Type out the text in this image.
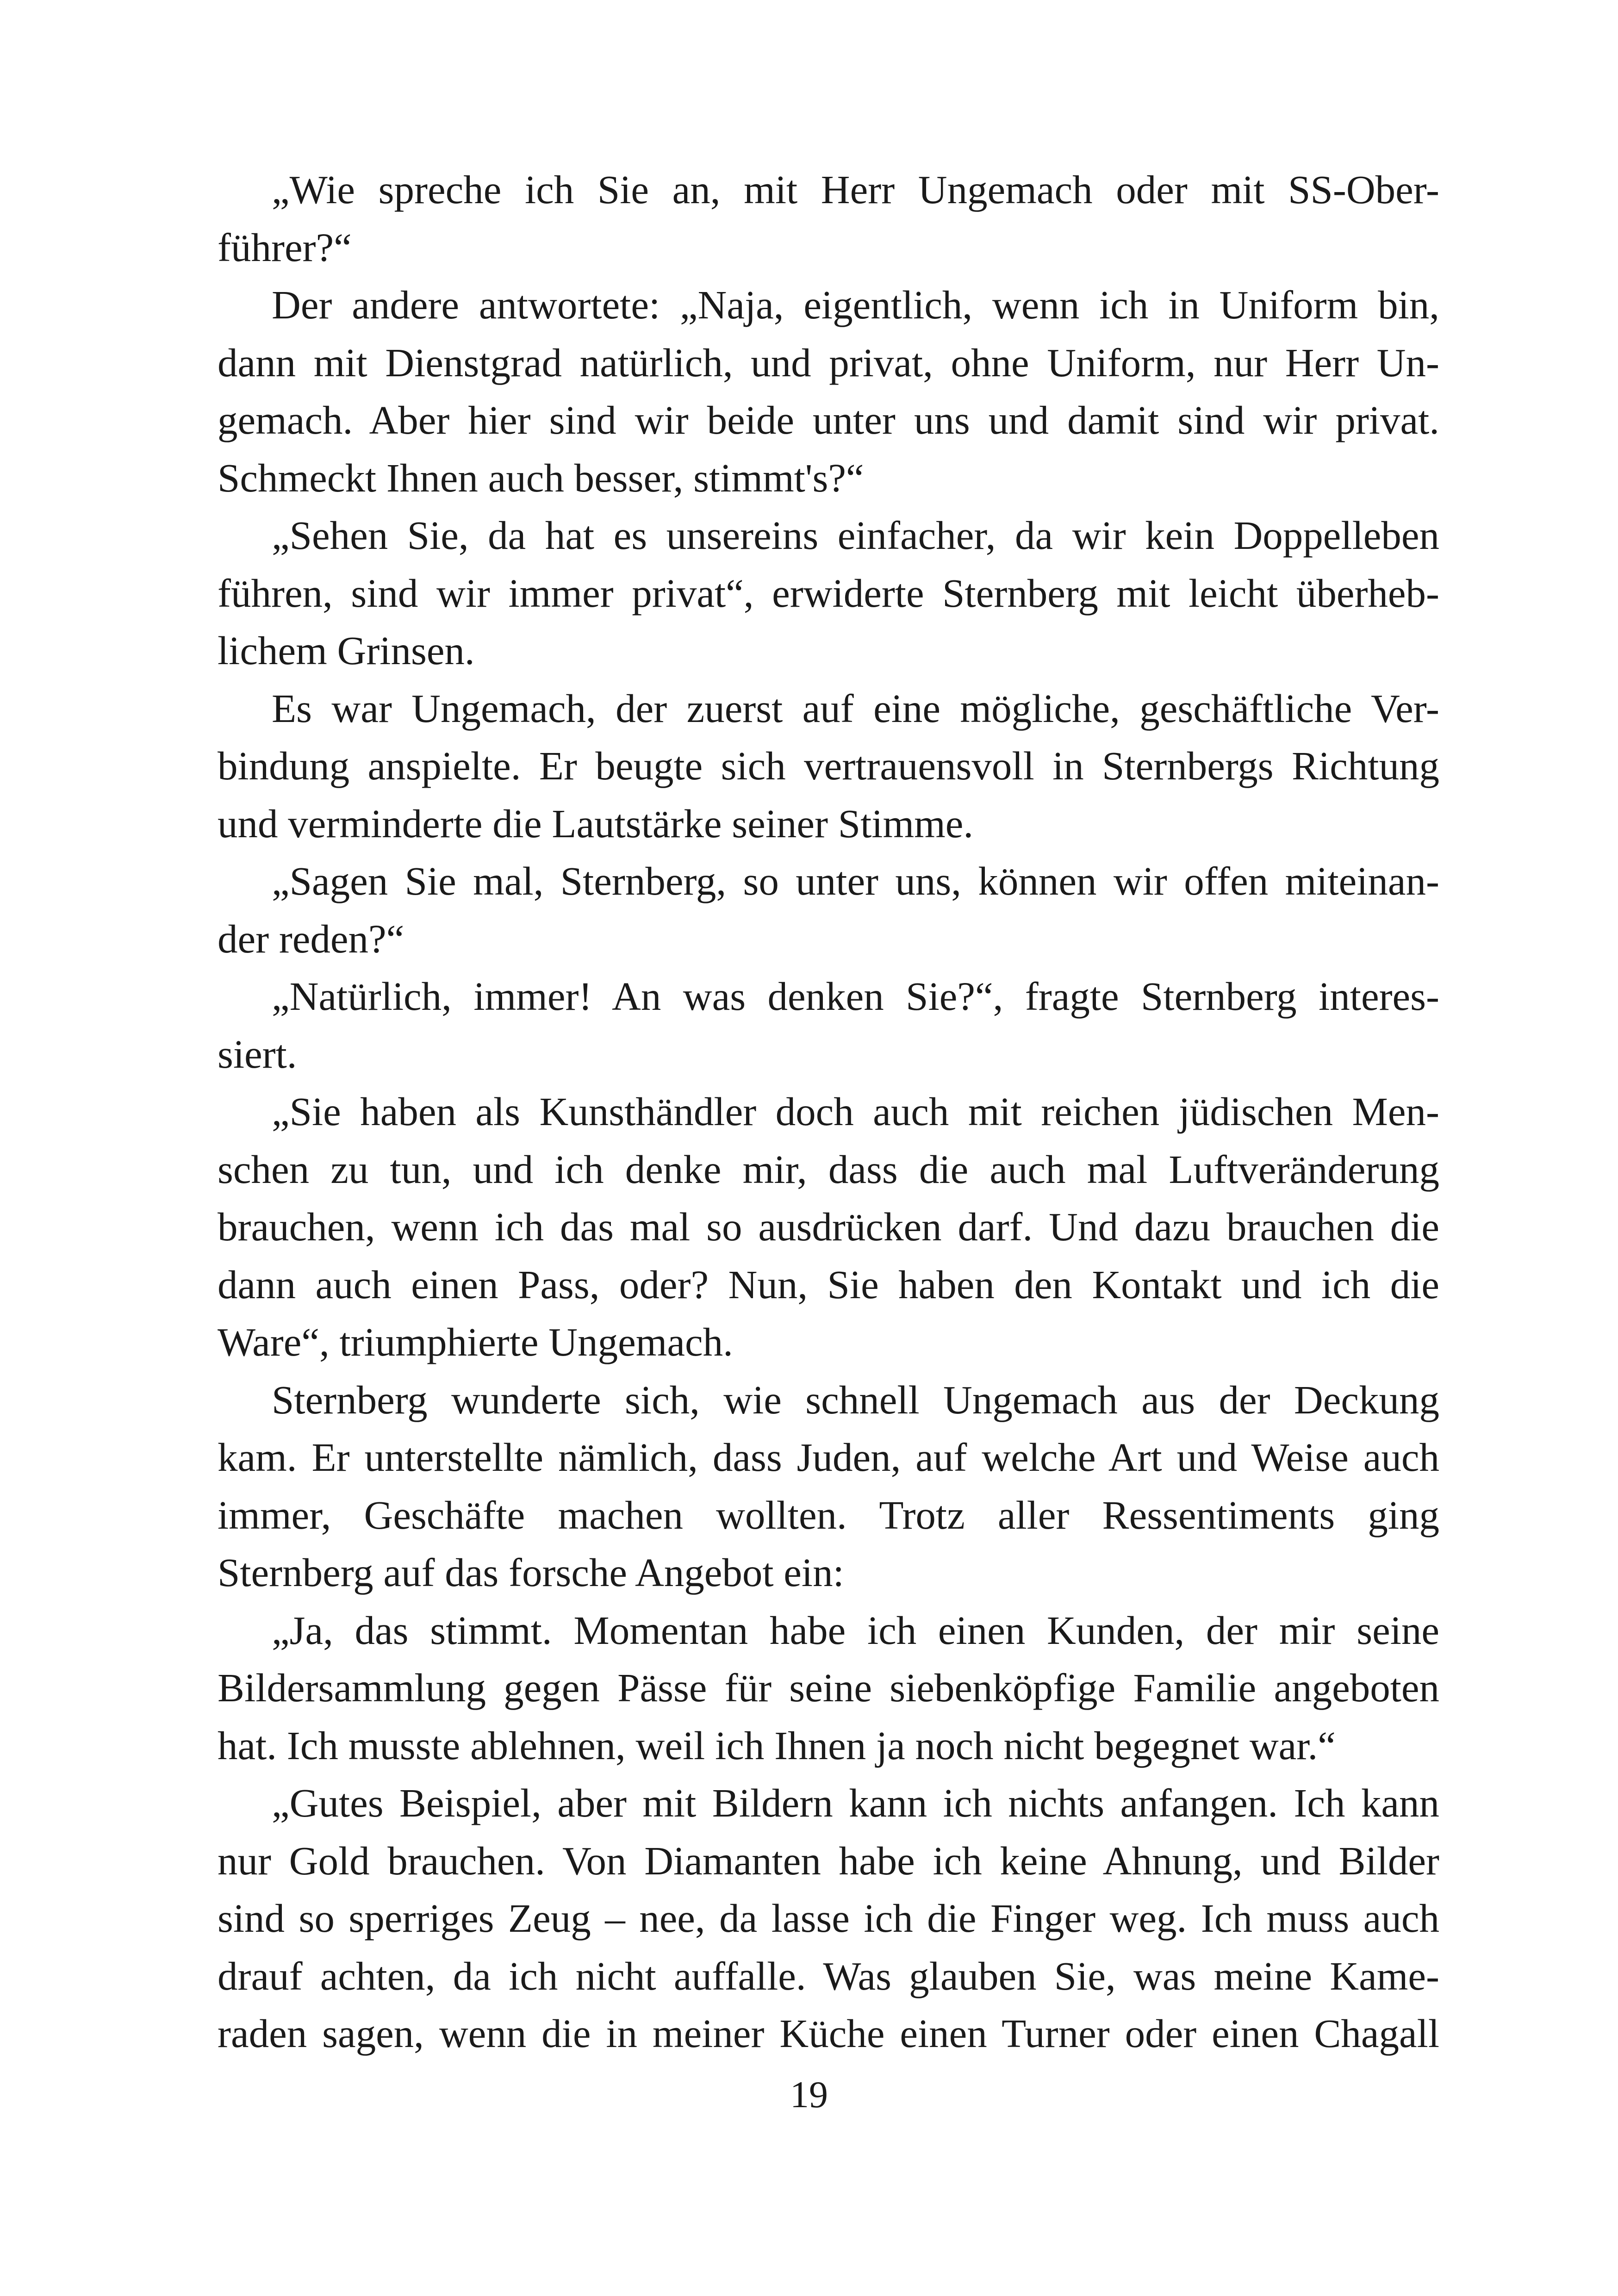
„Wie spreche ich Sie an, mit Herr Ungemach oder mit SS-Ober-
führer?“
Der andere antwortete: „Naja, eigentlich, wenn ich in Uniform bin,
dann mit Dienstgrad natürlich, und privat, ohne Uniform, nur Herr Un-
gemach. Aber hier sind wir beide unter uns und damit sind wir privat.
Schmeckt Ihnen auch besser, stimmt's?“
„Sehen Sie, da hat es unsereins einfacher, da wir kein Doppelleben
führen, sind wir immer privat“, erwiderte Sternberg mit leicht überheb-
lichem Grinsen.
Es war Ungemach, der zuerst auf eine mögliche, geschäftliche Ver-
bindung anspielte. Er beugte sich vertrauensvoll in Sternbergs Richtung
und verminderte die Lautstärke seiner Stimme.
„Sagen Sie mal, Sternberg, so unter uns, können wir offen miteinan-
der reden?“
„Natürlich, immer! An was denken Sie?“, fragte Sternberg interes-
siert.
„Sie haben als Kunsthändler doch auch mit reichen jüdischen Men-
schen zu tun, und ich denke mir, dass die auch mal Luftveränderung
brauchen, wenn ich das mal so ausdrücken darf. Und dazu brauchen die
dann auch einen Pass, oder? Nun, Sie haben den Kontakt und ich die
Ware“, triumphierte Ungemach.
Sternberg wunderte sich, wie schnell Ungemach aus der Deckung
kam. Er unterstellte nämlich, dass Juden, auf welche Art und Weise auch
immer, Geschäfte machen wollten. Trotz aller Ressentiments ging
Sternberg auf das forsche Angebot ein:
„Ja, das stimmt. Momentan habe ich einen Kunden, der mir seine
Bildersammlung gegen Pässe für seine siebenköpfige Familie angeboten
hat. Ich musste ablehnen, weil ich Ihnen ja noch nicht begegnet war.“
„Gutes Beispiel, aber mit Bildern kann ich nichts anfangen. Ich kann
nur Gold brauchen. Von Diamanten habe ich keine Ahnung, und Bilder
sind so sperriges Zeug – nee, da lasse ich die Finger weg. Ich muss auch
drauf achten, da ich nicht auffalle. Was glauben Sie, was meine Kame-
raden sagen, wenn die in meiner Küche einen Turner oder einen Chagall
19
